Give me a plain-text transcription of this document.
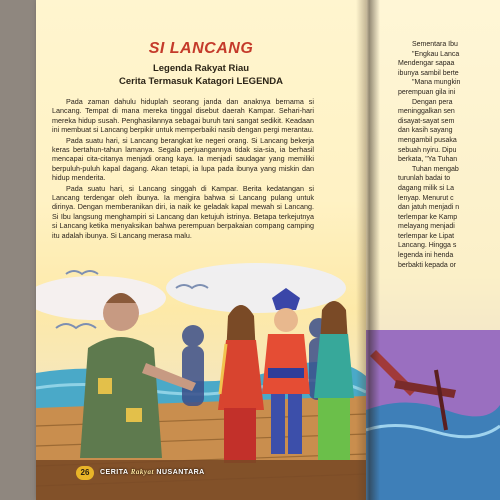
SI LANCANG
Legenda Rakyat Riau
Cerita Termasuk Katagori LEGENDA

Pada zaman dahulu hiduplah seorang janda dan anaknya bernama si Lancang. Tempat di mana mereka tinggal disebut daerah Kampar. Sehari-hari mereka hidup susah. Penghasilannya sebagai buruh tani sangat sedikit. Keadaan ini membuat si Lancang berpikir untuk memperbaiki nasib dengan pergi merantau.

Pada suatu hari, si Lancang berangkat ke negeri orang. Si Lancang bekerja keras bertahun-tahun lamanya. Segala perjuangannya tidak sia-sia, ia berhasil mencapai cita-citanya menjadi orang kaya. Ia menjadi saudagar yang memiliki berpuluh-puluh kapal dagang. Akan tetapi, ia lupa pada ibunya yang miskin dan hidup menderita.

Pada suatu hari, si Lancang singgah di Kampar. Berita kedatangan si Lancang terdengar oleh ibunya. Ia mengira bahwa si Lancang pulang untuk dirinya. Dengan memberanikan diri, ia naik ke geladak kapal mewah si Lancang. Si Ibu langsung menghampiri si Lancang dan ketujuh istrinya. Betapa terkejutnya si Lancang ketika menyaksikan bahwa perempuan berpakaian compang camping itu adalah ibunya. Si Lancang merasa malu.

26	CERITA Rakyat NUSANTARA
Sementara Ibu
"Engkau Lanca
Mendengar sapaa
ibunya sambil berte
"Mana mungkin
perempuan gila ini
Dengan pera
meninggalkan sen
disayat-sayat sem
dan kasih sayang
mengambil pusaka
sebuah nyiru. Dipu
berkata, "Ya Tuhan
Tuhan mengab
turunlah badai to
dagang milik si La
lenyap. Menurut c
dan jatuh menjadi n
terlempar ke Kamp
melayang menjadi
terlempar ke Lipat
Lancang. Hingga s
legenda ini henda
berbakti kepada or
